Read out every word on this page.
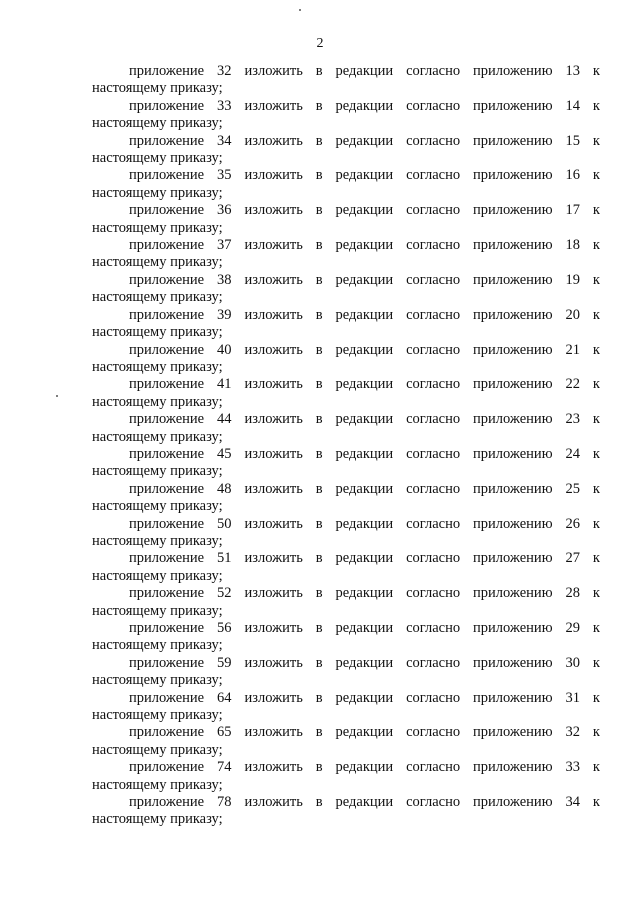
2
приложение 32 изложить в редакции согласно приложению 13 к
настоящему приказу;
приложение 33 изложить в редакции согласно приложению 14 к
настоящему приказу;
приложение 34 изложить в редакции согласно приложению 15 к
настоящему приказу;
приложение 35 изложить в редакции согласно приложению 16 к
настоящему приказу;
приложение 36 изложить в редакции согласно приложению 17 к
настоящему приказу;
приложение 37 изложить в редакции согласно приложению 18 к
настоящему приказу;
приложение 38 изложить в редакции согласно приложению 19 к
настоящему приказу;
приложение 39 изложить в редакции согласно приложению 20 к
настоящему приказу;
приложение 40 изложить в редакции согласно приложению 21 к
настоящему приказу;
приложение 41 изложить в редакции согласно приложению 22 к
настоящему приказу;
приложение 44 изложить в редакции согласно приложению 23 к
настоящему приказу;
приложение 45 изложить в редакции согласно приложению 24 к
настоящему приказу;
приложение 48 изложить в редакции согласно приложению 25 к
настоящему приказу;
приложение 50 изложить в редакции согласно приложению 26 к
настоящему приказу;
приложение 51 изложить в редакции согласно приложению 27 к
настоящему приказу;
приложение 52 изложить в редакции согласно приложению 28 к
настоящему приказу;
приложение 56 изложить в редакции согласно приложению 29 к
настоящему приказу;
приложение 59 изложить в редакции согласно приложению 30 к
настоящему приказу;
приложение 64 изложить в редакции согласно приложению 31 к
настоящему приказу;
приложение 65 изложить в редакции согласно приложению 32 к
настоящему приказу;
приложение 74 изложить в редакции согласно приложению 33 к
настоящему приказу;
приложение 78 изложить в редакции согласно приложению 34 к
настоящему приказу;
